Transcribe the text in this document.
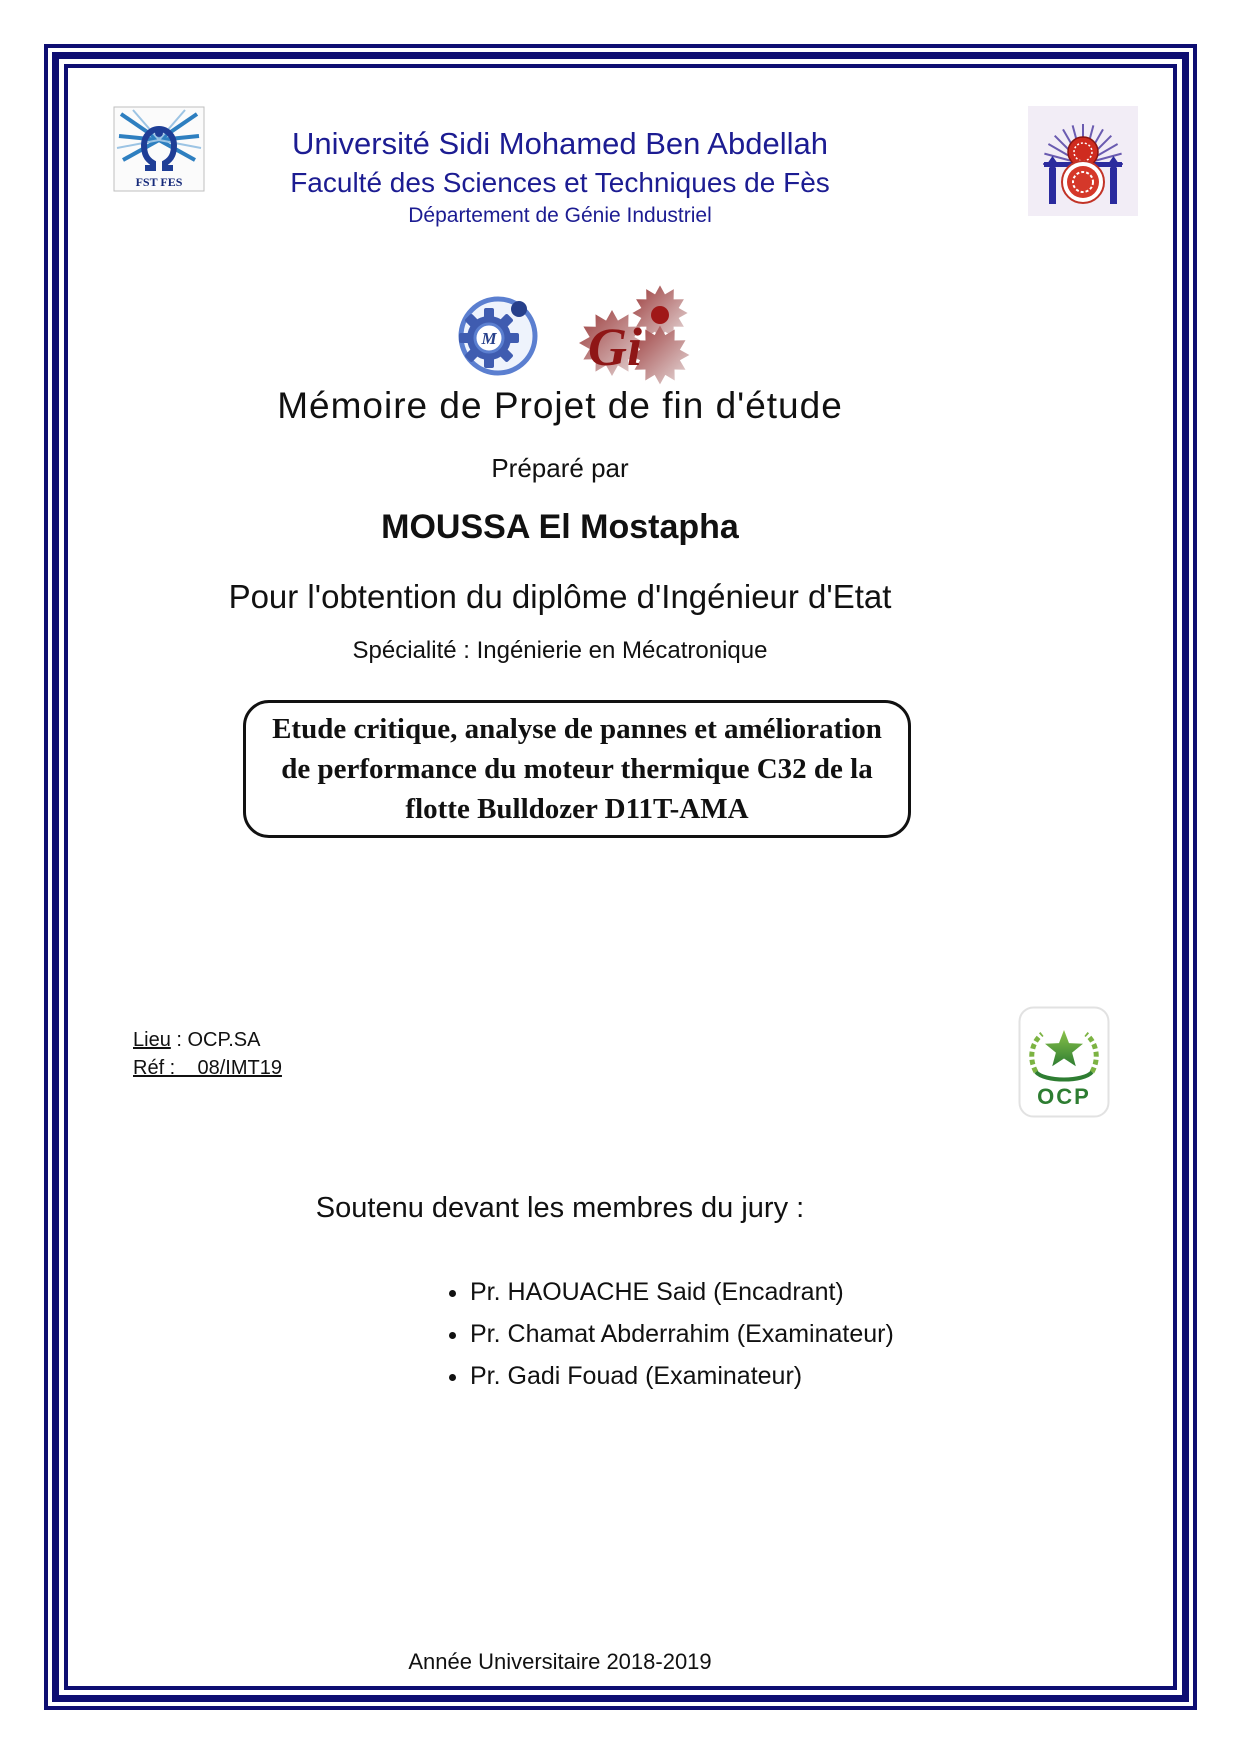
FST FES
Université Sidi Mohamed Ben Abdellah
Faculté des Sciences et Techniques de Fès
Département de Génie Industriel
M Gi
Mémoire de Projet de fin d'étude
Préparé par
MOUSSA El Mostapha
Pour l'obtention du diplôme d'Ingénieur d'Etat
Spécialité : Ingénierie en Mécatronique
Etude critique, analyse de pannes et amélioration
de performance du moteur thermique C32 de la
flotte Bulldozer D11T-AMA
Lieu : OCP.SA
Réf :    08/IMT19
OCP
Soutenu devant les membres du jury :
• Pr. HAOUACHE Said (Encadrant)
• Pr. Chamat Abderrahim (Examinateur)
• Pr. Gadi Fouad (Examinateur)
Année Universitaire 2018-2019
